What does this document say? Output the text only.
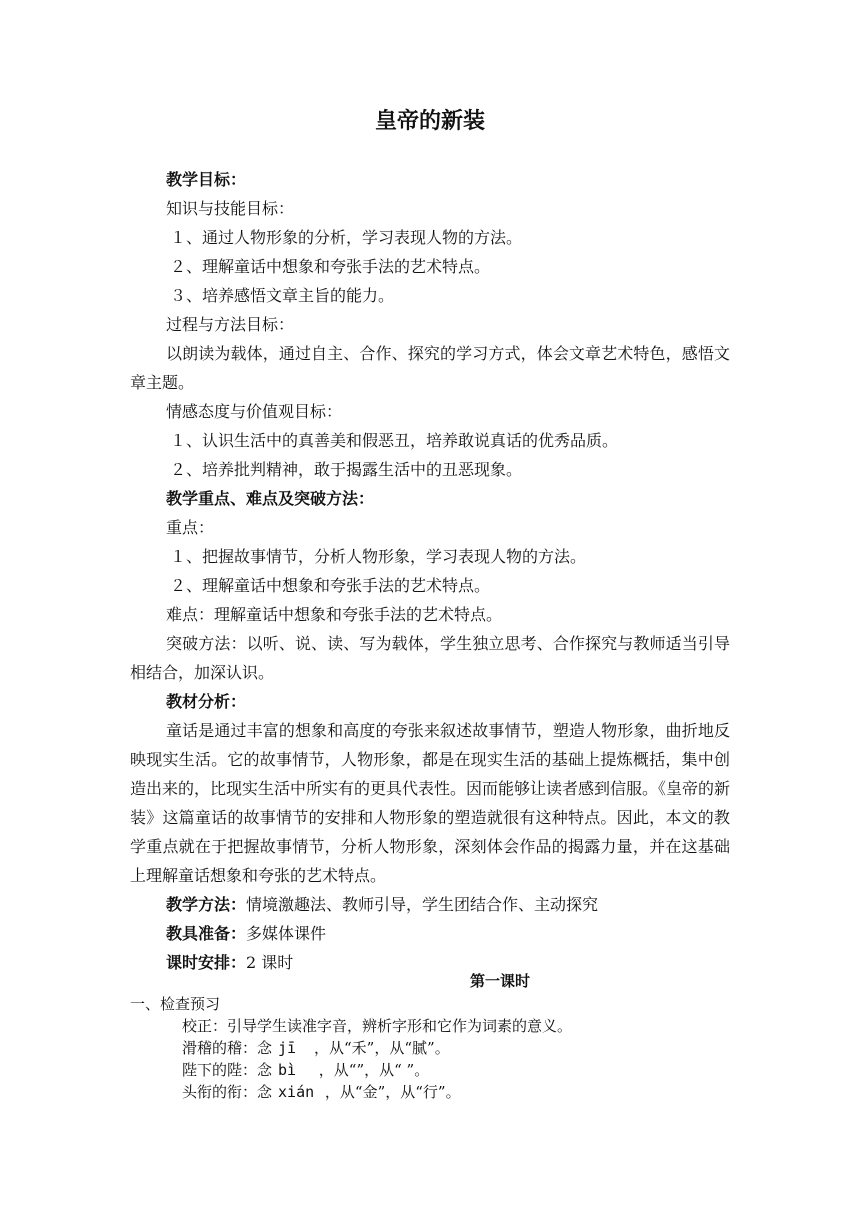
皇帝的新装

教学目标：

知识与技能目标：

１、通过人物形象的分析，学习表现人物的方法。

２、理解童话中想象和夸张手法的艺术特点。

３、培养感悟文章主旨的能力。

过程与方法目标：

以朗读为载体，通过自主、合作、探究的学习方式，体会文章艺术特色，感悟文章主题。

情感态度与价值观目标：

１、认识生活中的真善美和假恶丑，培养敢说真话的优秀品质。

２、培养批判精神，敢于揭露生活中的丑恶现象。

教学重点、难点及突破方法：

重点：

１、把握故事情节，分析人物形象，学习表现人物的方法。

２、理解童话中想象和夸张手法的艺术特点。

难点：理解童话中想象和夸张手法的艺术特点。

突破方法：以听、说、读、写为载体，学生独立思考、合作探究与教师适当引导相结合，加深认识。

教材分析：

童话是通过丰富的想象和高度的夸张来叙述故事情节，塑造人物形象，曲折地反映现实生活。它的故事情节，人物形象，都是在现实生活的基础上提炼概括，集中创造出来的，比现实生活中所实有的更具代表性。因而能够让读者感到信服。《皇帝的新装》这篇童话的故事情节的安排和人物形象的塑造就很有这种特点。因此，本文的教学重点就在于把握故事情节，分析人物形象，深刻体会作品的揭露力量，并在这基础上理解童话想象和夸张的艺术特点。

教学方法：情境激趣法、教师引导，学生团结合作、主动探究

教具准备：多媒体课件

课时安排：2 课时

第一课时

一、检查预习

校正：引导学生读准字音，辨析字形和它作为词素的意义。

滑稽的稽：念 jī ，从“禾”，从“腻”。

陛下的陛：念 bì ，从“”，从“ ”。

头衔的衔：念 xián ，从“金”，从“行”。
